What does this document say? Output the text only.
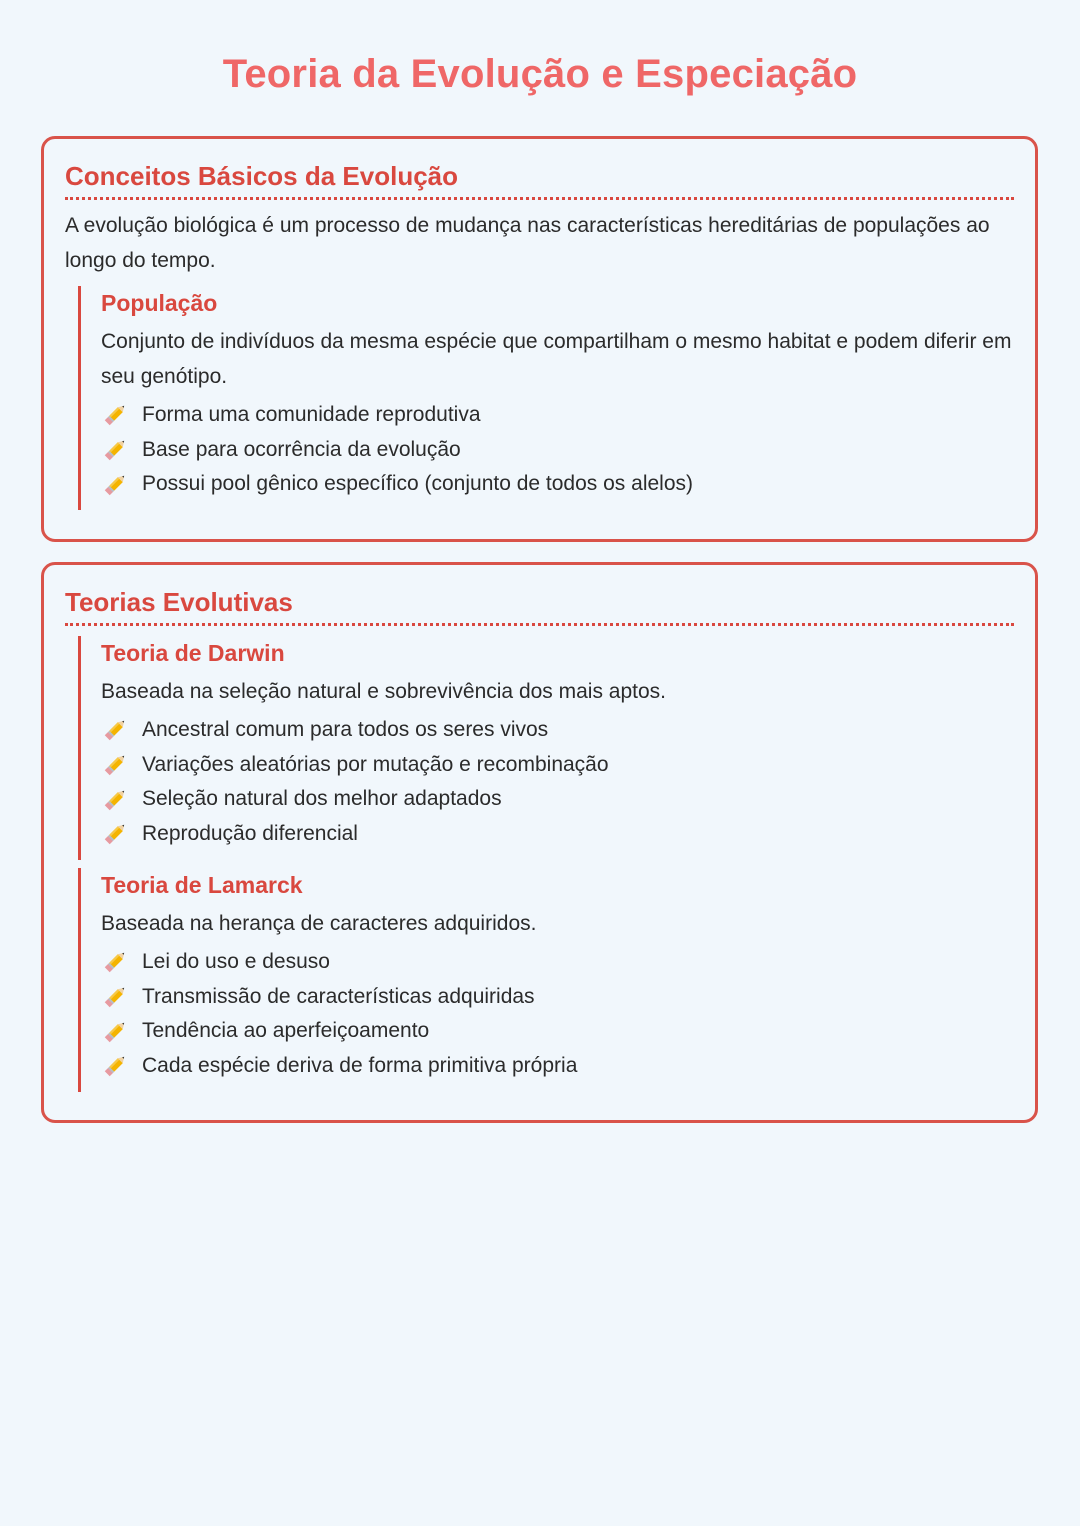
Teoria da Evolução e Especiação
Conceitos Básicos da Evolução

A evolução biológica é um processo de mudança nas características hereditárias de populações ao longo do tempo.

População

Conjunto de indivíduos da mesma espécie que compartilham o mesmo habitat e podem diferir em seu genótipo.

Forma uma comunidade reprodutiva
Base para ocorrência da evolução
Possui pool gênico específico (conjunto de todos os alelos)
Teorias Evolutivas
Teoria de Darwin

Baseada na seleção natural e sobrevivência dos mais aptos.

Ancestral comum para todos os seres vivos
Variações aleatórias por mutação e recombinação
Seleção natural dos melhor adaptados
Reprodução diferencial
Teoria de Lamarck

Baseada na herança de caracteres adquiridos.

Lei do uso e desuso
Transmissão de características adquiridas
Tendência ao aperfeiçoamento
Cada espécie deriva de forma primitiva própria
